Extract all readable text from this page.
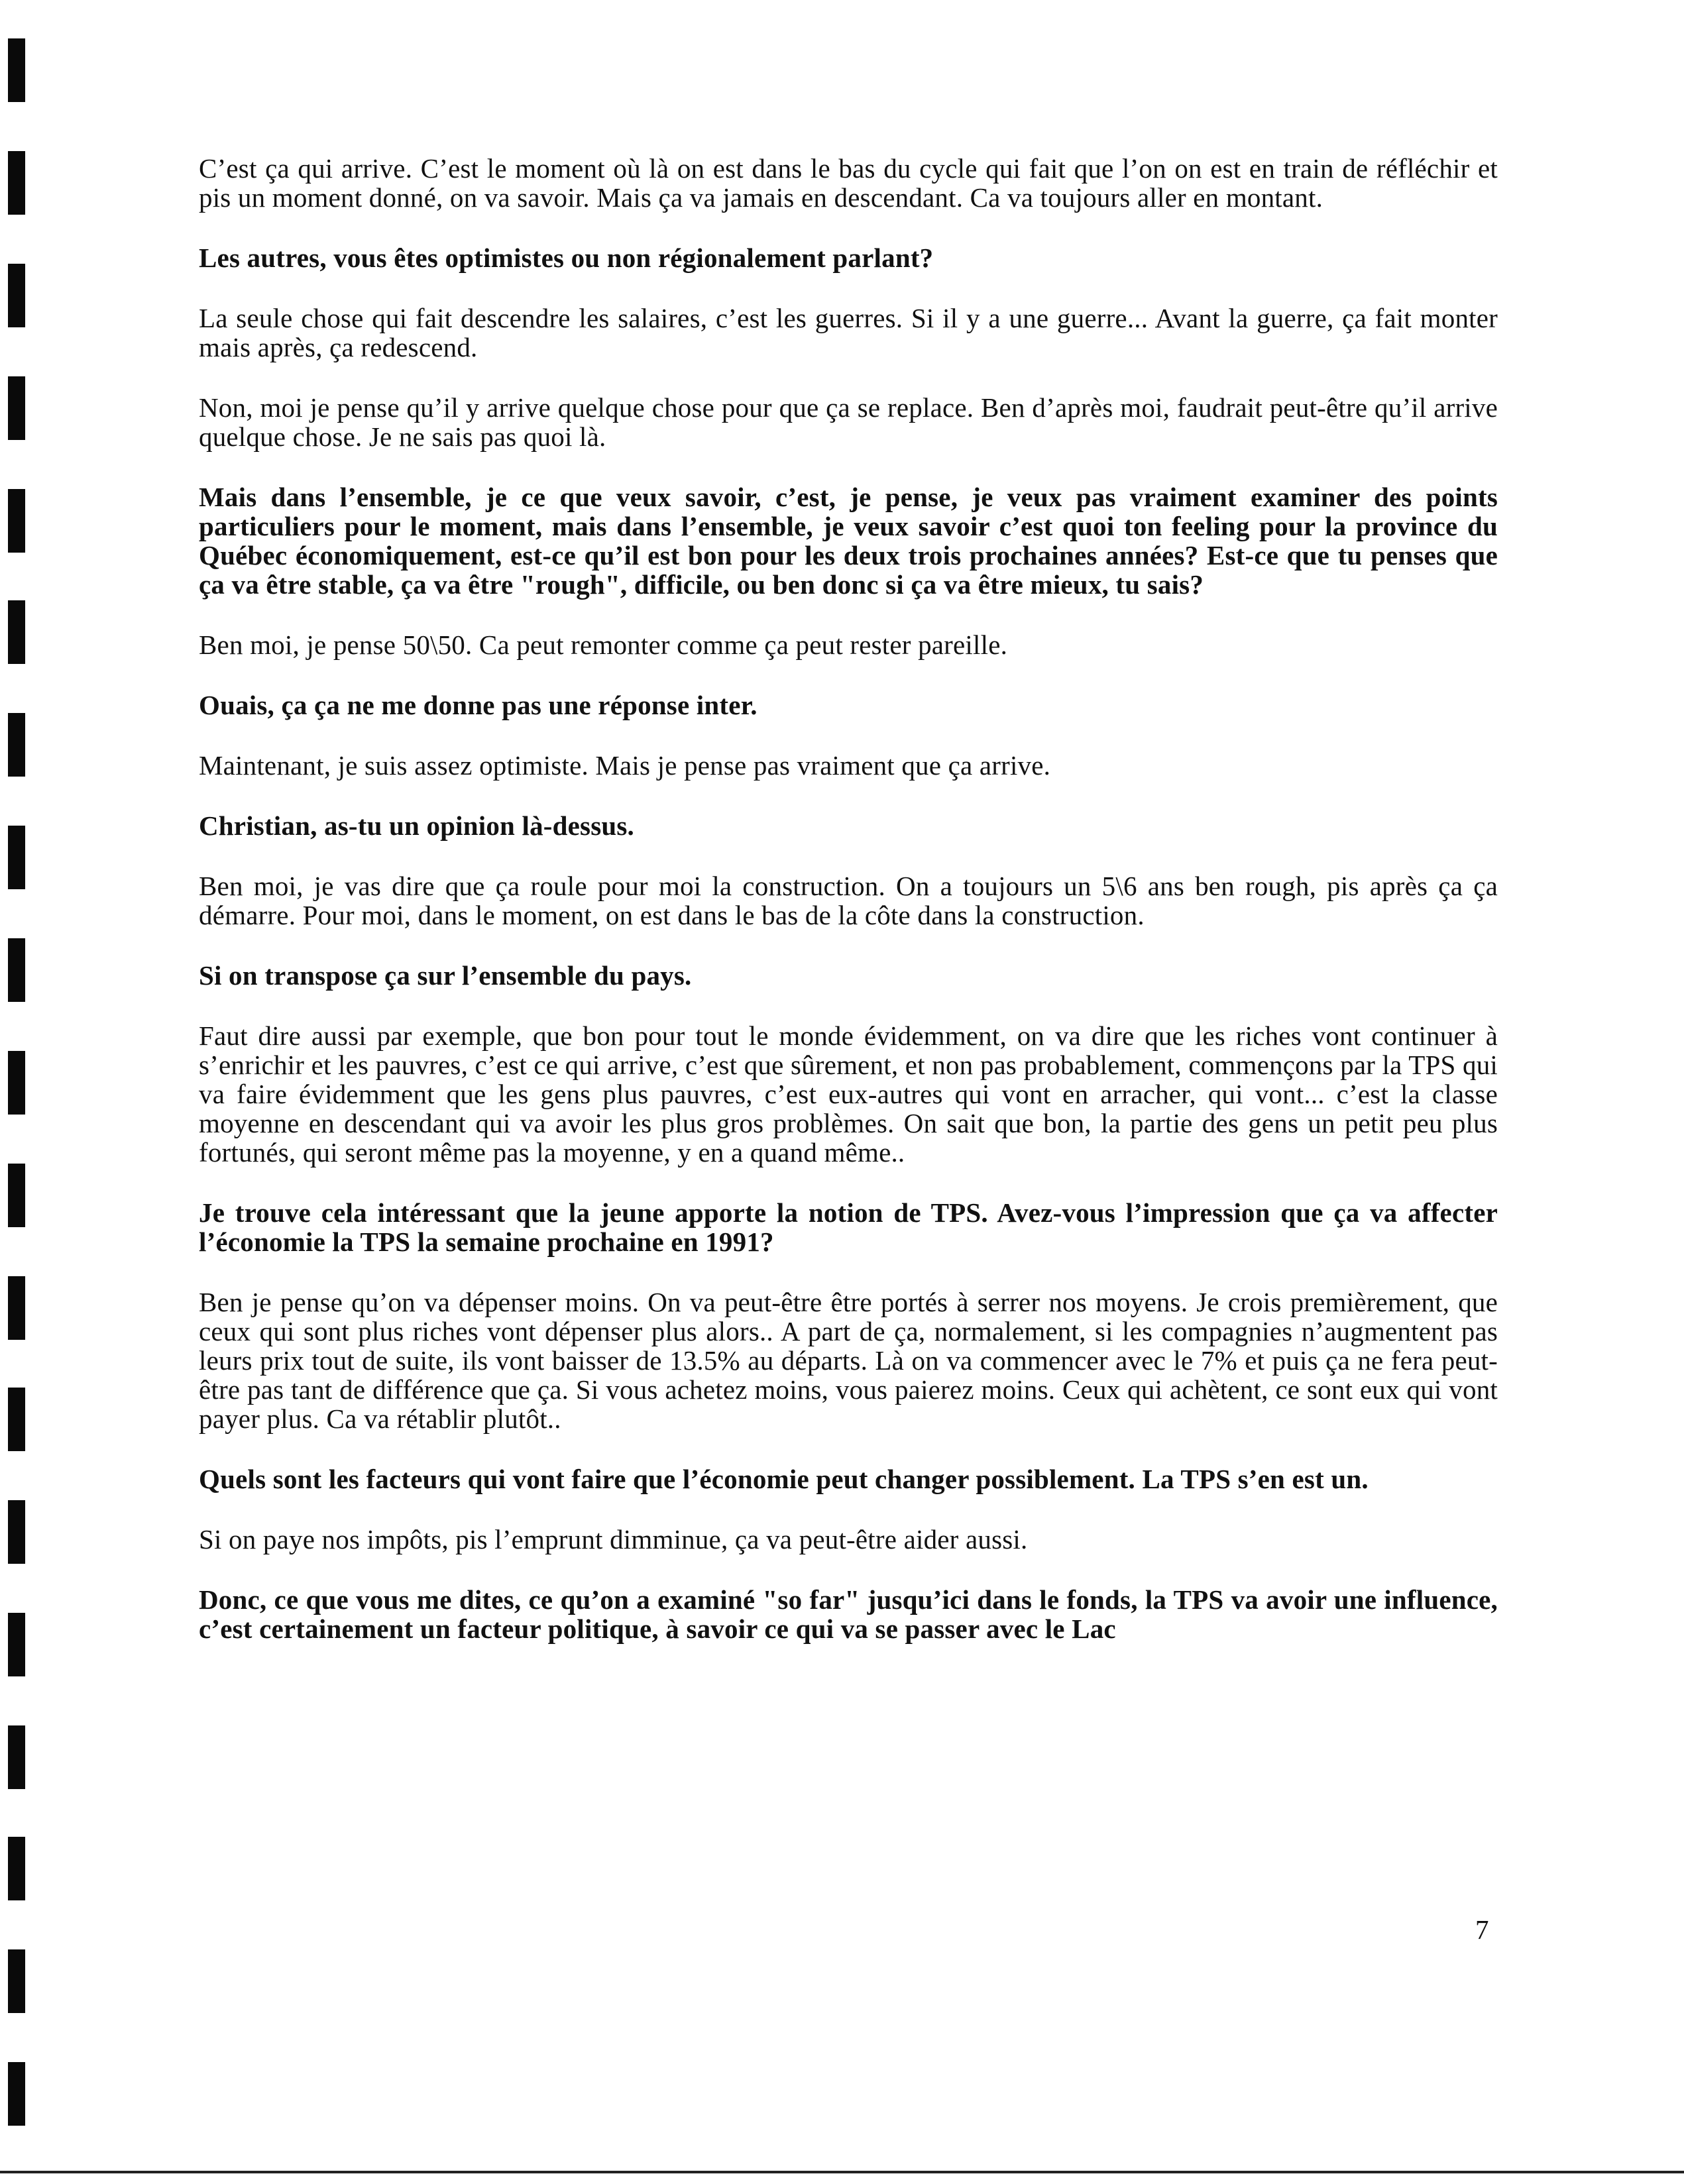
C’est ça qui arrive. C’est le moment où là on est dans le bas du cycle qui fait que l’on on est en train de réfléchir et pis un moment donné, on va savoir. Mais ça va jamais en descendant. Ca va toujours aller en montant.

Les autres, vous êtes optimistes ou non régionalement parlant?

La seule chose qui fait descendre les salaires, c’est les guerres. Si il y a une guerre... Avant la guerre, ça fait monter mais après, ça redescend.

Non, moi je pense qu’il y arrive quelque chose pour que ça se replace. Ben d’après moi, faudrait peut-être qu’il arrive quelque chose. Je ne sais pas quoi là.

Mais dans l’ensemble, je ce que veux savoir, c’est, je pense, je veux pas vraiment examiner des points particuliers pour le moment, mais dans l’ensemble, je veux savoir c’est quoi ton feeling pour la province du Québec économiquement, est-ce qu’il est bon pour les deux trois prochaines années? Est-ce que tu penses que ça va être stable, ça va être "rough", difficile, ou ben donc si ça va être mieux, tu sais?

Ben moi, je pense 50\50. Ca peut remonter comme ça peut rester pareille.

Ouais, ça ça ne me donne pas une réponse inter.

Maintenant, je suis assez optimiste. Mais je pense pas vraiment que ça arrive.

Christian, as-tu un opinion là-dessus.

Ben moi, je vas dire que ça roule pour moi la construction. On a toujours un 5\6 ans ben rough, pis après ça ça démarre. Pour moi, dans le moment, on est dans le bas de la côte dans la construction.

Si on transpose ça sur l’ensemble du pays.

Faut dire aussi par exemple, que bon pour tout le monde évidemment, on va dire que les riches vont continuer à s’enrichir et les pauvres, c’est ce qui arrive, c’est que sûrement, et non pas probablement, commençons par la TPS qui va faire évidemment que les gens plus pauvres, c’est eux-autres qui vont en arracher, qui vont... c’est la classe moyenne en descendant qui va avoir les plus gros problèmes. On sait que bon, la partie des gens un petit peu plus fortunés, qui seront même pas la moyenne, y en a quand même..

Je trouve cela intéressant que la jeune apporte la notion de TPS. Avez-vous l’impression que ça va affecter l’économie la TPS la semaine prochaine en 1991?

Ben je pense qu’on va dépenser moins. On va peut-être être portés à serrer nos moyens. Je crois premièrement, que ceux qui sont plus riches vont dépenser plus alors.. A part de ça, normalement, si les compagnies n’augmentent pas leurs prix tout de suite, ils vont baisser de 13.5% au départs. Là on va commencer avec le 7% et puis ça ne fera peut-être pas tant de différence que ça. Si vous achetez moins, vous paierez moins. Ceux qui achètent, ce sont eux qui vont payer plus. Ca va rétablir plutôt..

Quels sont les facteurs qui vont faire que l’économie peut changer possiblement. La TPS s’en est un.

Si on paye nos impôts, pis l’emprunt dimminue, ça va peut-être aider aussi.

Donc, ce que vous me dites, ce qu’on a examiné "so far" jusqu’ici dans le fonds, la TPS va avoir une influence, c’est certainement un facteur politique, à savoir ce qui va se passer avec le Lac

7
